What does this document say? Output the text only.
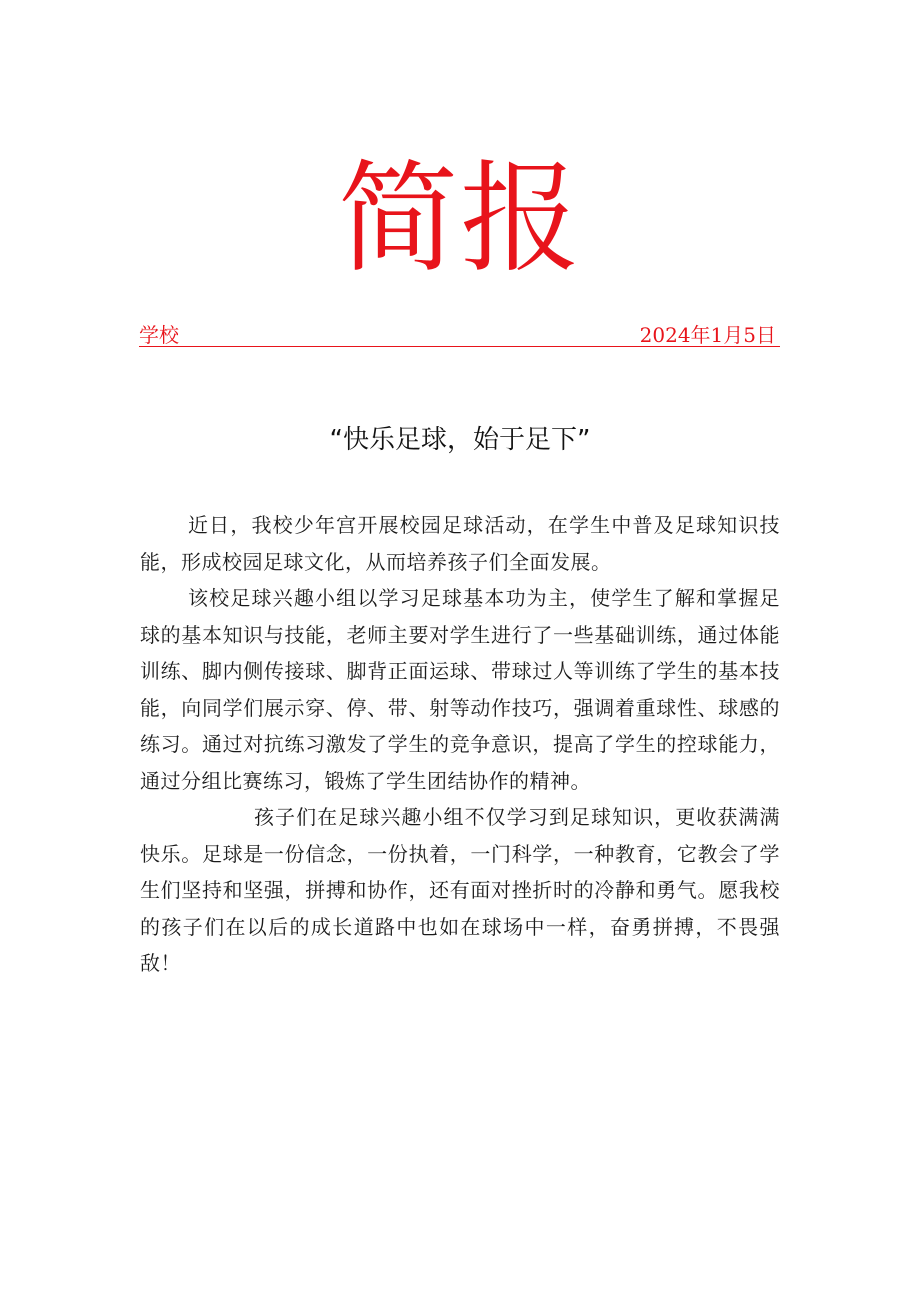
简报
学校	2024年1月5日
“快乐足球，始于足下”

近日，我校少年宫开展校园足球活动，在学生中普及足球知识技能，形成校园足球文化，从而培养孩子们全面发展。

该校足球兴趣小组以学习足球基本功为主，使学生了解和掌握足球的基本知识与技能，老师主要对学生进行了一些基础训练，通过体能训练、脚内侧传接球、脚背正面运球、带球过人等训练了学生的基本技能，向同学们展示穿、停、带、射等动作技巧，强调着重球性、球感的练习。通过对抗练习激发了学生的竞争意识，提高了学生的控球能力，通过分组比赛练习，锻炼了学生团结协作的精神。

孩子们在足球兴趣小组不仅学习到足球知识，更收获满满快乐。足球是一份信念，一份执着，一门科学，一种教育，它教会了学生们坚持和坚强，拼搏和协作，还有面对挫折时的冷静和勇气。愿我校的孩子们在以后的成长道路中也如在球场中一样，奋勇拼搏，不畏强敌！
